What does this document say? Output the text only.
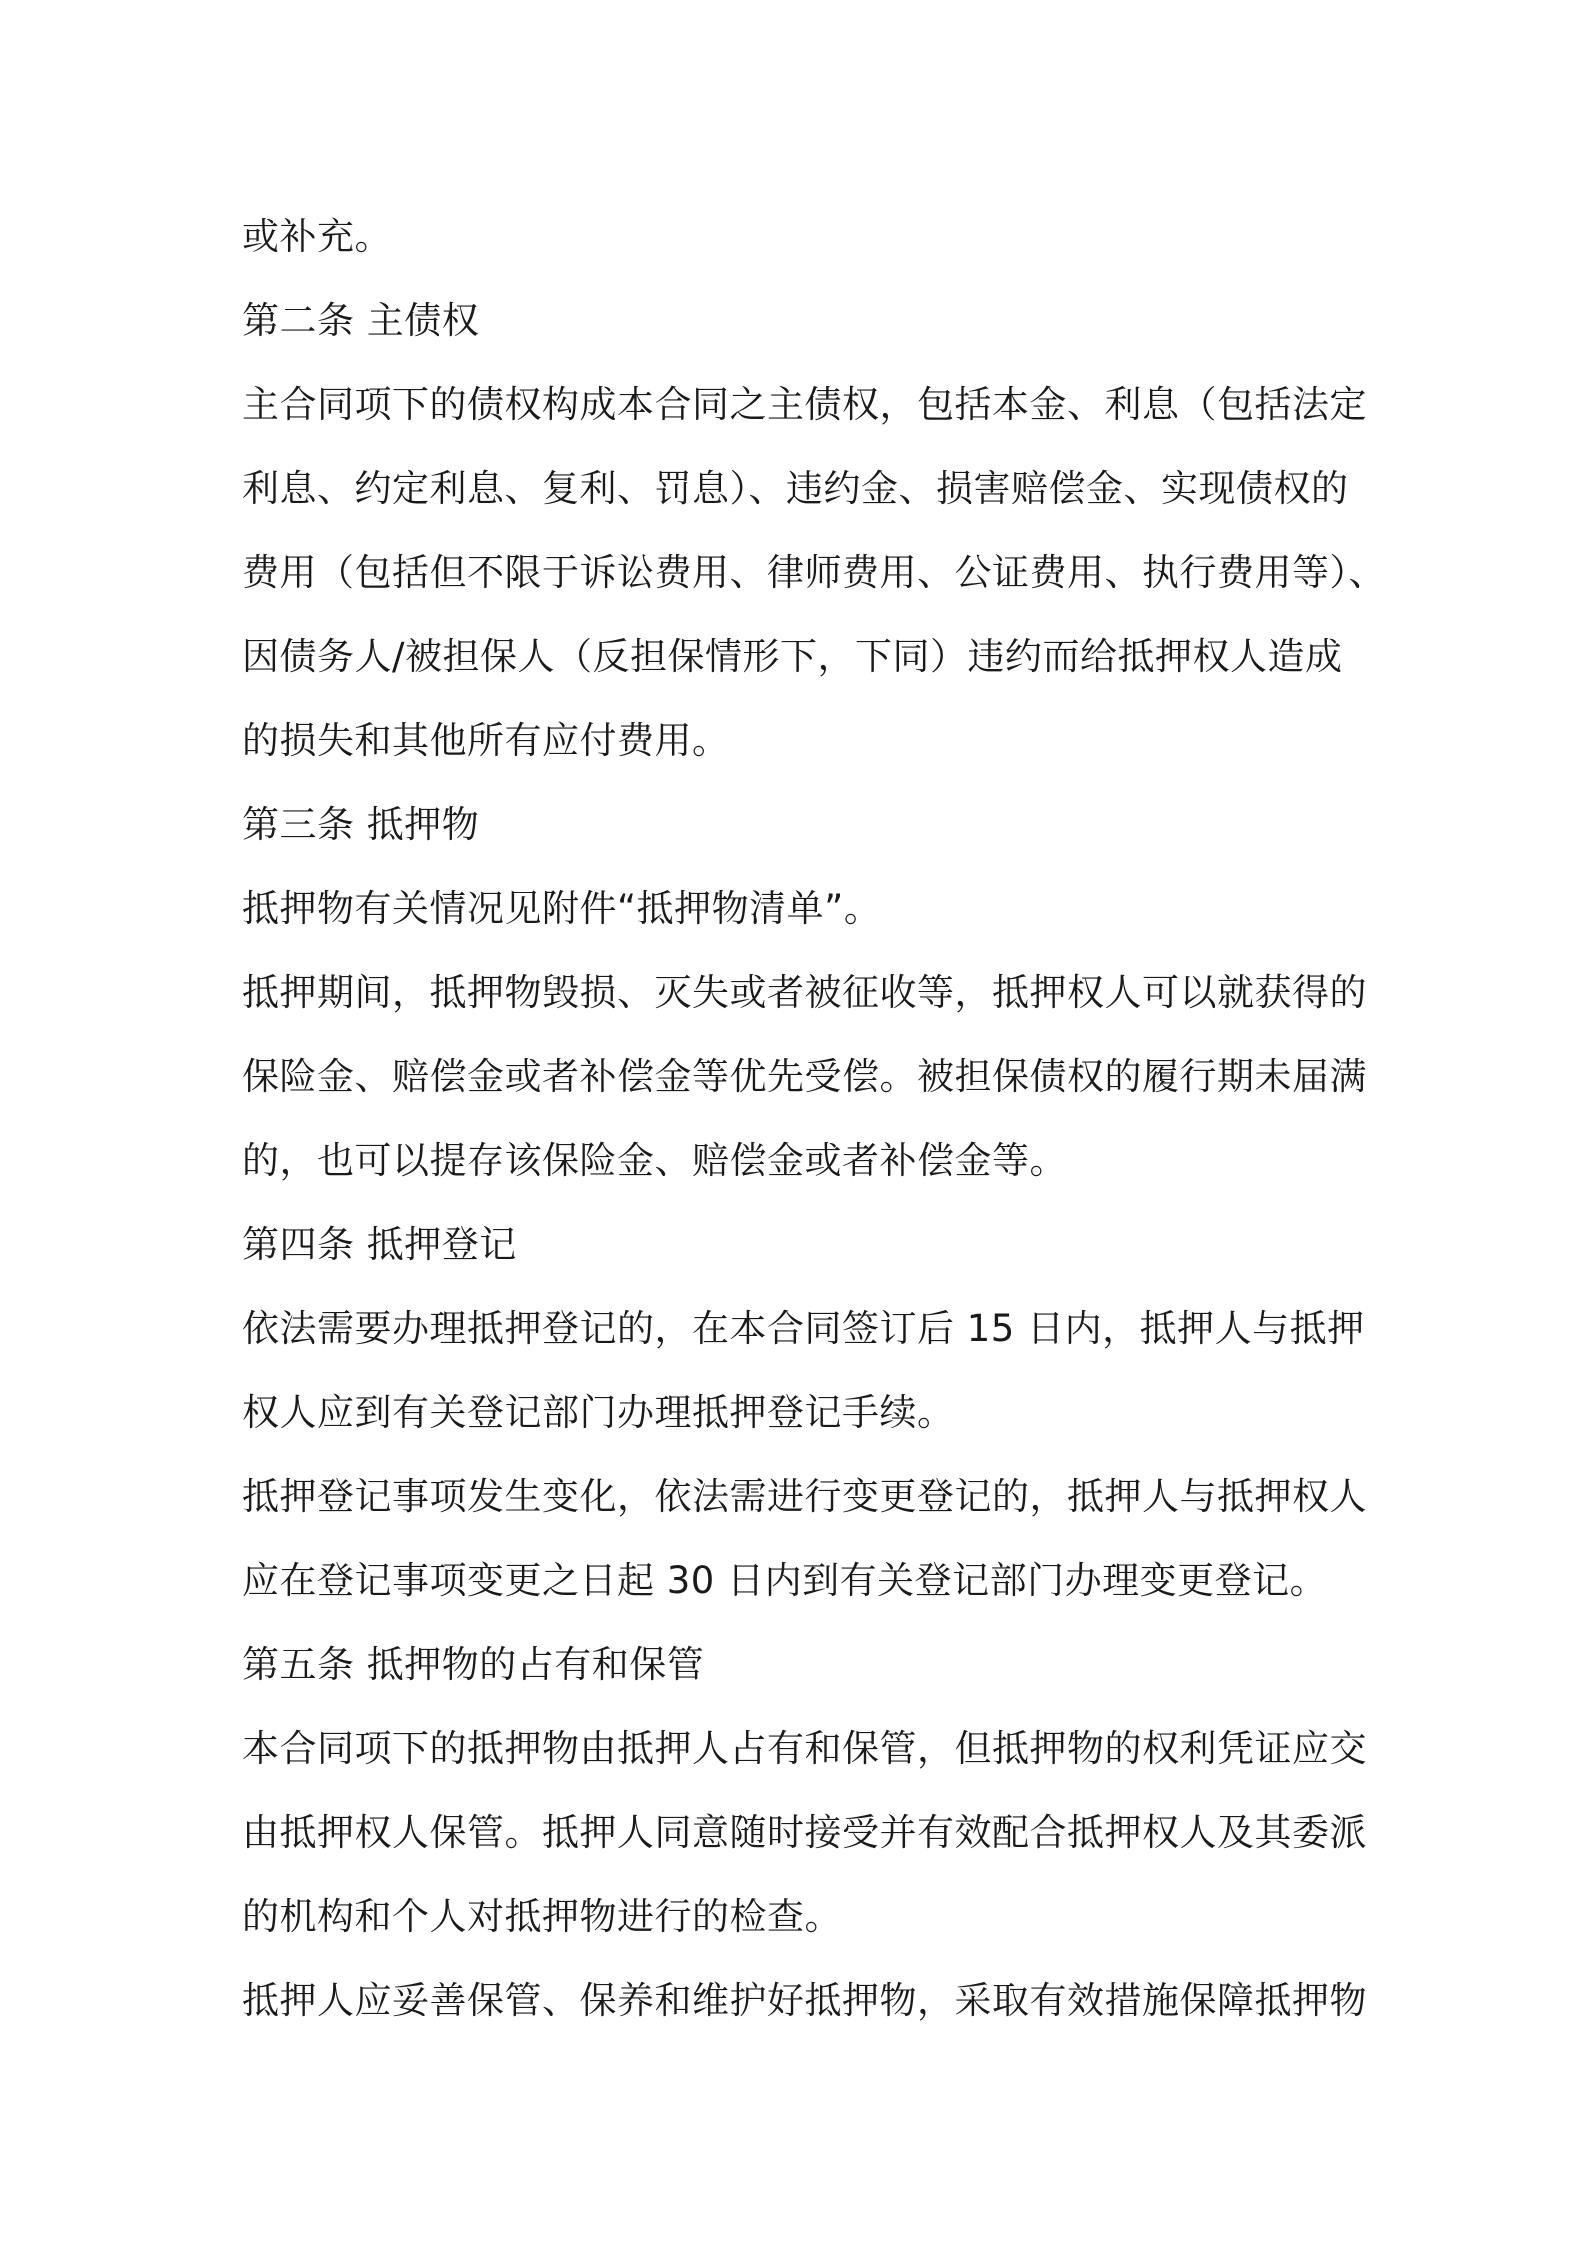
或补充。
第二条 主债权
主合同项下的债权构成本合同之主债权，包括本金、利息（包括法定
利息、约定利息、复利、罚息）、违约金、损害赔偿金、实现债权的
费用（包括但不限于诉讼费用、律师费用、公证费用、执行费用等）、
因债务人/被担保人（反担保情形下，下同）违约而给抵押权人造成
的损失和其他所有应付费用。
第三条 抵押物
抵押物有关情况见附件“抵押物清单”。
抵押期间，抵押物毁损、灭失或者被征收等，抵押权人可以就获得的
保险金、赔偿金或者补偿金等优先受偿。被担保债权的履行期未届满
的，也可以提存该保险金、赔偿金或者补偿金等。
第四条 抵押登记
依法需要办理抵押登记的，在本合同签订后 15 日内，抵押人与抵押
权人应到有关登记部门办理抵押登记手续。
抵押登记事项发生变化，依法需进行变更登记的，抵押人与抵押权人
应在登记事项变更之日起 30 日内到有关登记部门办理变更登记。
第五条 抵押物的占有和保管
本合同项下的抵押物由抵押人占有和保管，但抵押物的权利凭证应交
由抵押权人保管。抵押人同意随时接受并有效配合抵押权人及其委派
的机构和个人对抵押物进行的检查。
抵押人应妥善保管、保养和维护好抵押物，采取有效措施保障抵押物
